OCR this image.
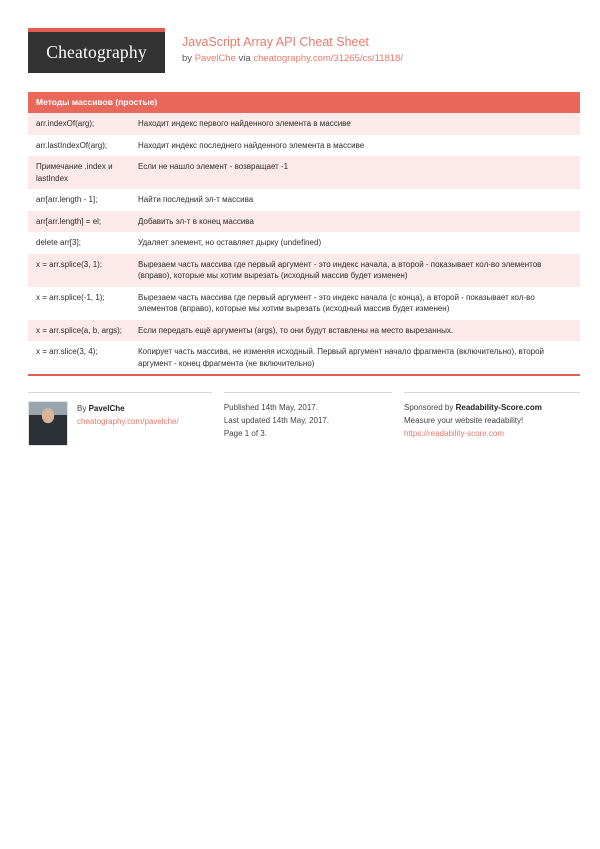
Cheatography	JavaScript Array API Cheat Sheet
by PavelChe via cheatography.com/31265/cs/11818/
Методы массивов (простые)
arr.indexOf(arg);	Находит индекс первого найденного элемента в массиве
arr.lastIndexOf(arg);	Находит индекс последнего найденного элемента в массиве
Примечание .index и lastIndex	Если не нашло элемент - возвращает -1
arr[arr.length - 1];	Найти последний эл-т массива
arr[arr.length] = el;	Добавить эл-т в конец массива
delete arr[3];	Удаляет элемент, но оставляет дырку (undefined)
x = arr.splice(3, 1);	Вырезаем часть массива где первый аргумент - это индекс начала, а второй - показывает кол-во элементов (вправо), которые мы хотим вырезать (исходный массив будет изменен)
x = arr.splice(-1, 1);	Вырезаем часть массива где первый аргумент - это индекс начала (с конца), а второй - показывает кол-во элементов (вправо), которые мы хотим вырезать (исходный массив будет изменен)
x = arr.splice(a, b, args);	Если передать ещё аргументы (args), то они будут вставлены на место вырезанных.
x = arr.slice(3, 4);	Копирует часть массива, не изменяя исходный. Первый аргумент начало фрагмента (включительно), второй аргумент - конец фрагмента (не включительно)
By PavelChe
cheatography.com/pavelche/
Published 14th May, 2017.
Last updated 14th May, 2017.
Page 1 of 3.
Sponsored by Readability-Score.com
Measure your website readability!
https://readability-score.com
